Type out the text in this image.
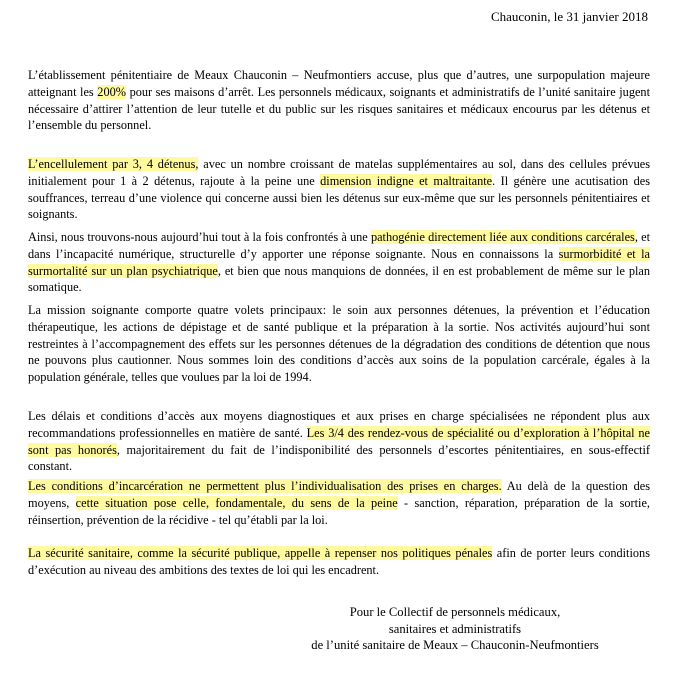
Chauconin, le 31 janvier 2018

L’établissement pénitentiaire de Meaux Chauconin – Neufmontiers accuse, plus que d’autres, une surpopulation majeure atteignant les 200% pour ses maisons d’arrêt. Les personnels médicaux, soignants et administratifs de l’unité sanitaire jugent nécessaire d’attirer l’attention de leur tutelle et du public sur les risques sanitaires et médicaux encourus par les détenus et l’ensemble du personnel.

L’encellulement par 3, 4 détenus, avec un nombre croissant de matelas supplémentaires au sol, dans des cellules prévues initialement pour 1 à 2 détenus, rajoute à la peine une dimension indigne et maltraitante. Il génère une acutisation des souffrances, terreau d’une violence qui concerne aussi bien les détenus sur eux-même que sur les personnels pénitentiaires et soignants.

Ainsi, nous trouvons-nous aujourd’hui tout à la fois confrontés à une pathogénie directement liée aux conditions carcérales, et dans l’incapacité numérique, structurelle d’y apporter une réponse soignante. Nous en connaissons la surmorbidité et la surmortalité sur un plan psychiatrique, et bien que nous manquions de données, il en est probablement de même sur le plan somatique.

La mission soignante comporte quatre volets principaux: le soin aux personnes détenues, la prévention et l’éducation thérapeutique, les actions de dépistage et de santé publique et la préparation à la sortie. Nos activités aujourd’hui sont restreintes à l’accompagnement des effets sur les personnes détenues de la dégradation des conditions de détention que nous ne pouvons plus cautionner. Nous sommes loin des conditions d’accès aux soins de la population carcérale, égales à la population générale, telles que voulues par la loi de 1994.

Les délais et conditions d’accès aux moyens diagnostiques et aux prises en charge spécialisées ne répondent plus aux recommandations professionnelles en matière de santé. Les 3/4 des rendez-vous de spécialité ou d’exploration à l’hôpital ne sont pas honorés, majoritairement du fait de l’indisponibilité des personnels d’escortes pénitentiaires, en sous-effectif constant.

Les conditions d’incarcération ne permettent plus l’individualisation des prises en charges. Au delà de la question des moyens, cette situation pose celle, fondamentale, du sens de la peine - sanction, réparation, préparation de la sortie, réinsertion, prévention de la récidive - tel qu’établi par la loi.

La sécurité sanitaire, comme la sécurité publique, appelle à repenser nos politiques pénales afin de porter leurs conditions d’exécution au niveau des ambitions des textes de loi qui les encadrent.

Pour le Collectif de personnels médicaux,
sanitaires et administratifs
de l’unité sanitaire de Meaux – Chauconin-Neufmontiers
